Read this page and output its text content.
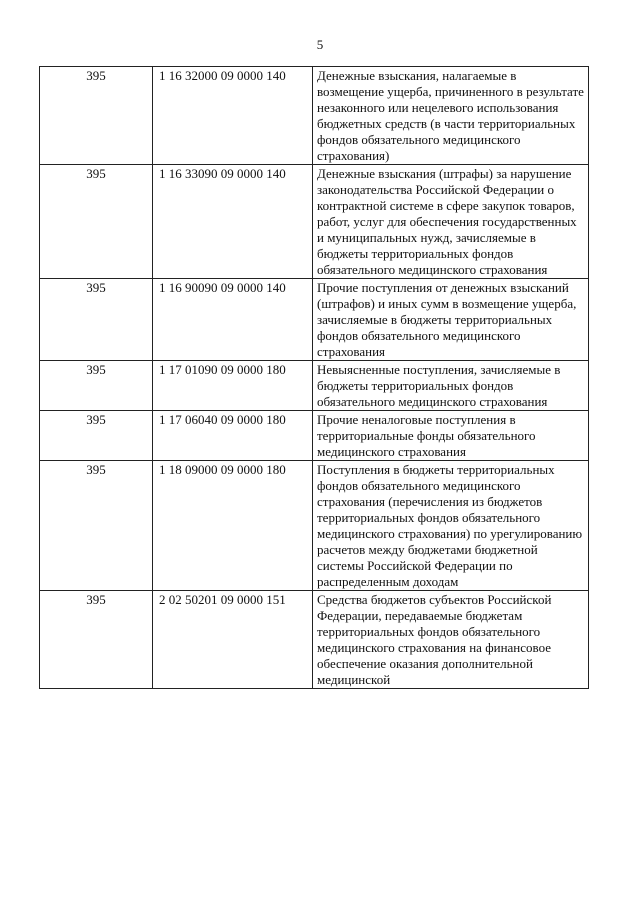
5
395	1 16 32000 09 0000 140	Денежные взыскания, налагаемые в возмещение ущерба, причиненного в результате незаконного или нецелевого использования бюджетных средств (в части территориальных фондов обязательного медицинского страхования)
395	1 16 33090 09 0000 140	Денежные взыскания (штрафы) за нарушение законодательства Российской Федерации о контрактной системе в сфере закупок товаров, работ, услуг для обеспечения государственных и муниципальных нужд, зачисляемые в бюджеты территориальных фондов обязательного медицинского страхования
395	1 16 90090 09 0000 140	Прочие поступления от денежных взысканий (штрафов) и иных сумм в возмещение ущерба, зачисляемые в бюджеты территориальных фондов обязательного медицинского страхования
395	1 17 01090 09 0000 180	Невыясненные поступления, зачисляемые в бюджеты территориальных фондов обязательного медицинского страхования
395	1 17 06040 09 0000 180	Прочие неналоговые поступления в территориальные фонды обязательного медицинского страхования
395	1 18 09000 09 0000 180	Поступления в бюджеты территориальных фондов обязательного медицинского страхования (перечисления из бюджетов территориальных фондов обязательного медицинского страхования) по урегулированию расчетов между бюджетами бюджетной системы Российской Федерации по распределенным доходам
395	2 02 50201 09 0000 151	Средства бюджетов субъектов Российской Федерации, передаваемые бюджетам территориальных фондов обязательного медицинского страхования на финансовое обеспечение оказания дополнительной медицинской
